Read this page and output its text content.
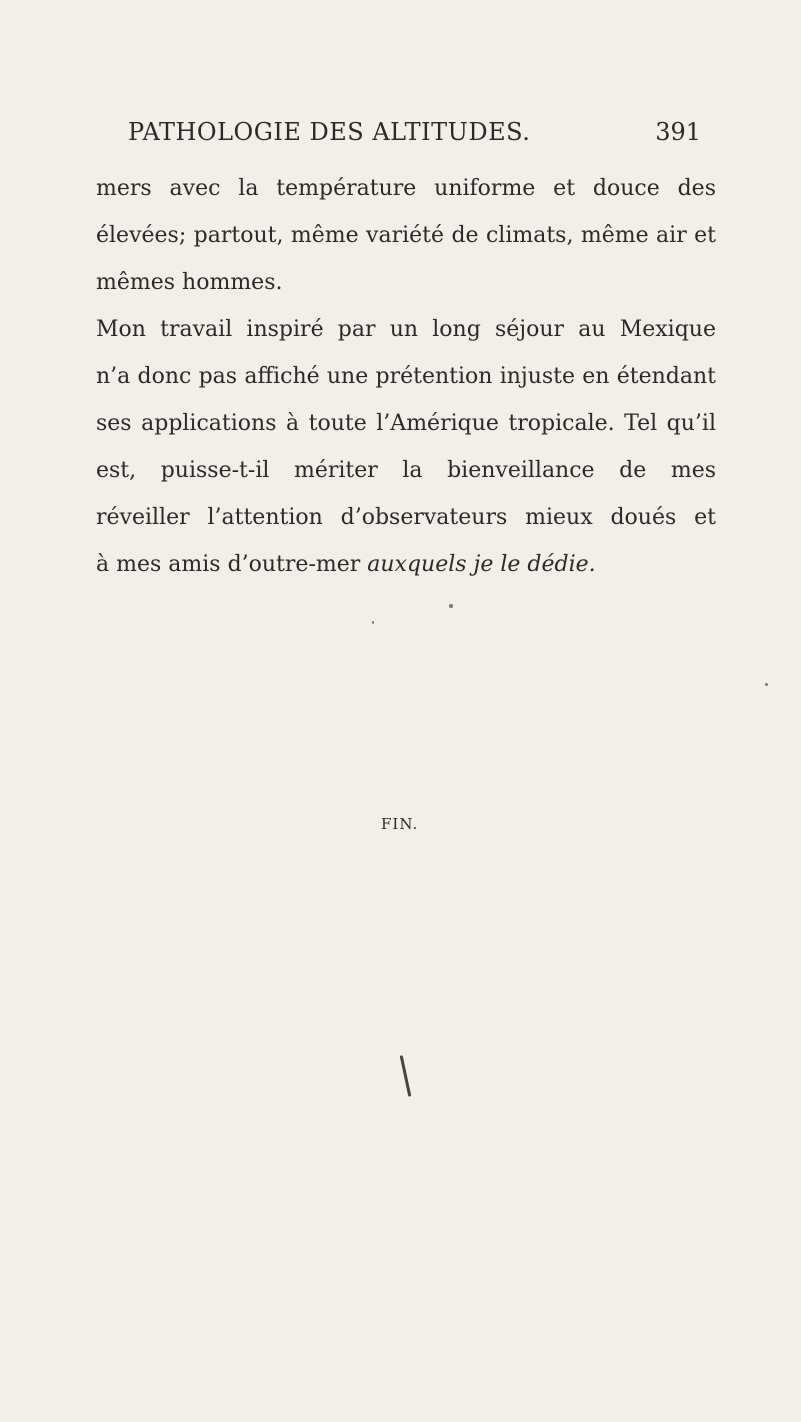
PATHOLOGIE DES ALTITUDES.	391
mers avec la température uniforme et douce des
élevées; partout, même variété de climats, même air et
mêmes hommes.
Mon travail inspiré par un long séjour au Mexique
n’a donc pas affiché une prétention injuste en étendant
ses applications à toute l’Amérique tropicale. Tel qu’il
est, puisse-t-il mériter la bienveillance de mes
réveiller l’attention d’observateurs mieux doués et
à mes amis d’outre-mer auxquels je le dédie.
FIN.
